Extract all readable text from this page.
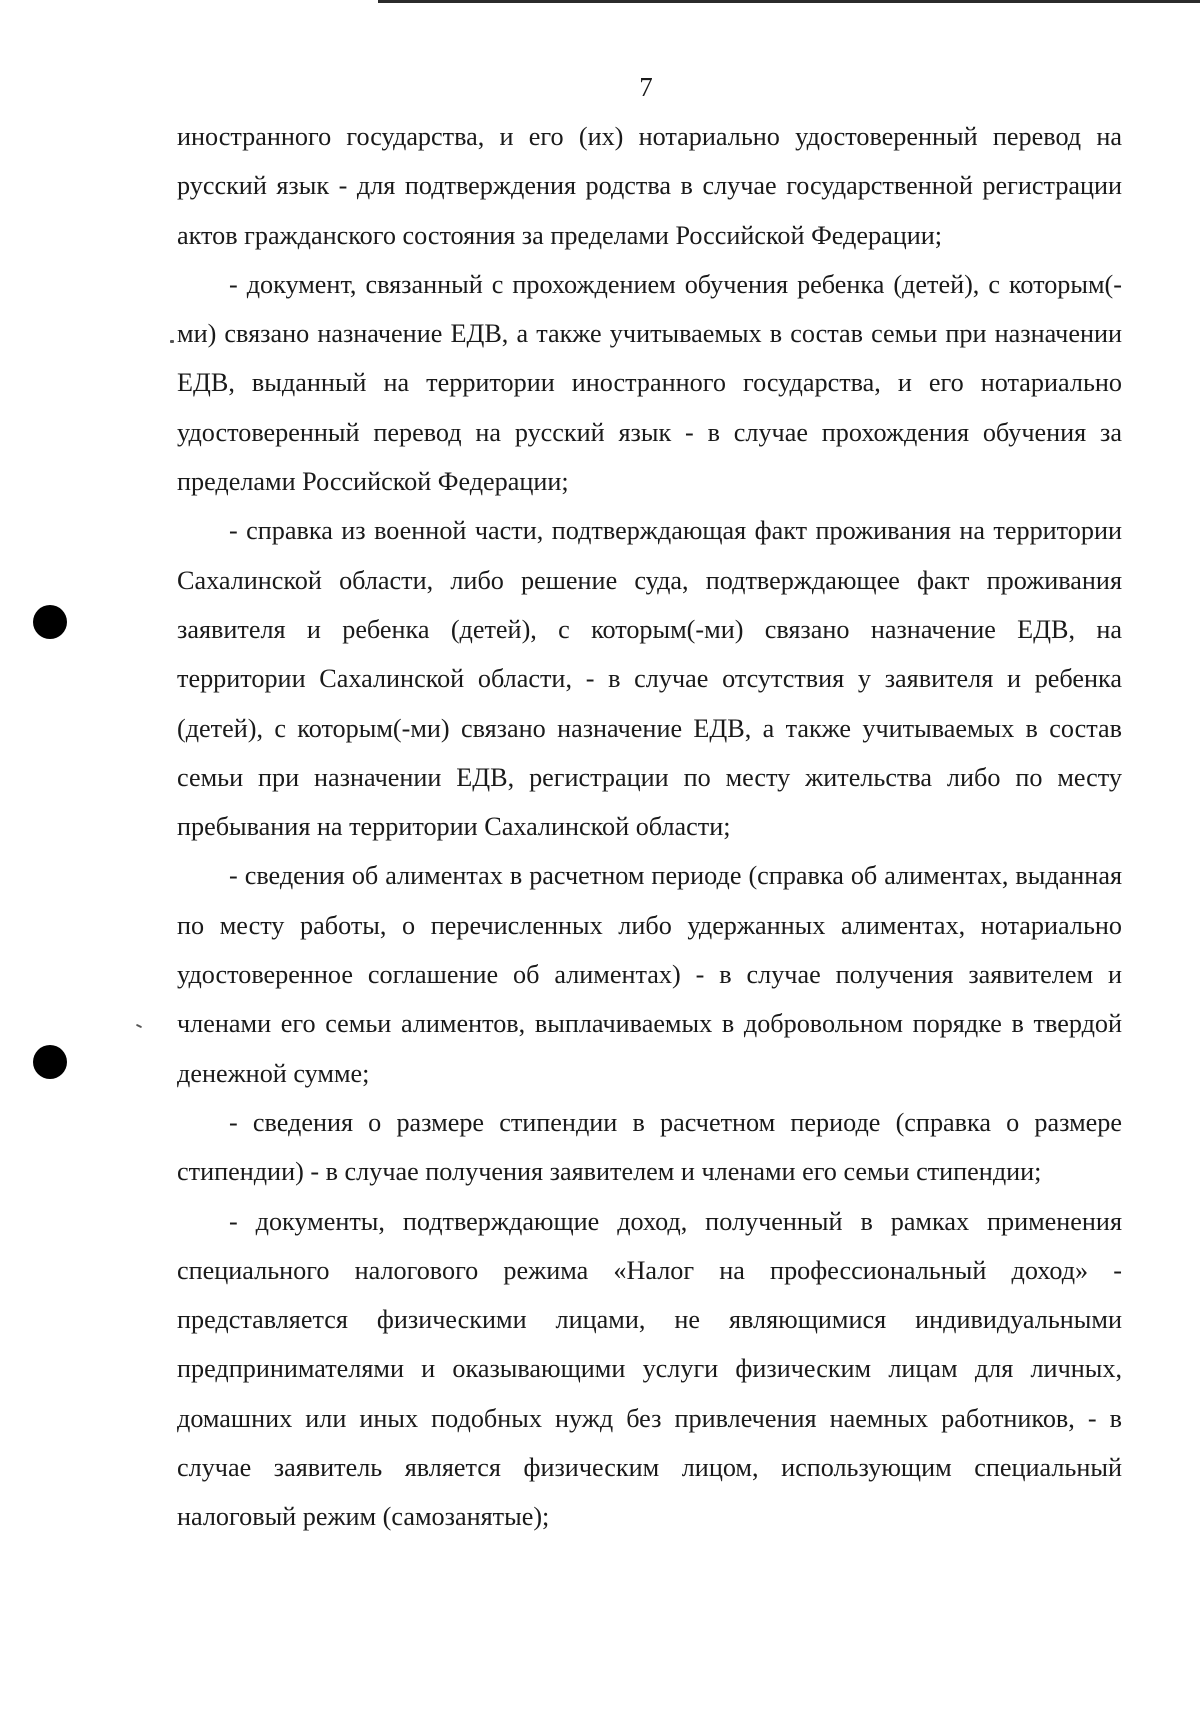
7

иностранного государства, и его (их) нотариально удостоверенный перевод на русский язык - для подтверждения родства в случае государственной регистрации актов гражданского состояния за пределами Российской Федерации;

- документ, связанный с прохождением обучения ребенка (детей), с которым(-ми) связано назначение ЕДВ, а также учитываемых в состав семьи при назначении ЕДВ, выданный на территории иностранного государства, и его нотариально удостоверенный перевод на русский язык - в случае прохождения обучения за пределами Российской Федерации;

- справка из военной части, подтверждающая факт проживания на территории Сахалинской области, либо решение суда, подтверждающее факт проживания заявителя и ребенка (детей), с которым(-ми) связано назначение ЕДВ, на территории Сахалинской области, - в случае отсутствия у заявителя и ребенка (детей), с которым(-ми) связано назначение ЕДВ, а также учитываемых в состав семьи при назначении ЕДВ, регистрации по месту жительства либо по месту пребывания на территории Сахалинской области;

- сведения об алиментах в расчетном периоде (справка об алиментах, выданная по месту работы, о перечисленных либо удержанных алиментах, нотариально удостоверенное соглашение об алиментах) - в случае получения заявителем и членами его семьи алиментов, выплачиваемых в добровольном порядке в твердой денежной сумме;

- сведения о размере стипендии в расчетном периоде (справка о размере стипендии) - в случае получения заявителем и членами его семьи стипендии;

- документы, подтверждающие доход, полученный в рамках применения специального налогового режима «Налог на профессиональный доход» - представляется физическими лицами, не являющимися индивидуальными предпринимателями и оказывающими услуги физическим лицам для личных, домашних или иных подобных нужд без привлечения наемных работников, - в случае заявитель является физическим лицом, использующим специальный налоговый режим (самозанятые);
